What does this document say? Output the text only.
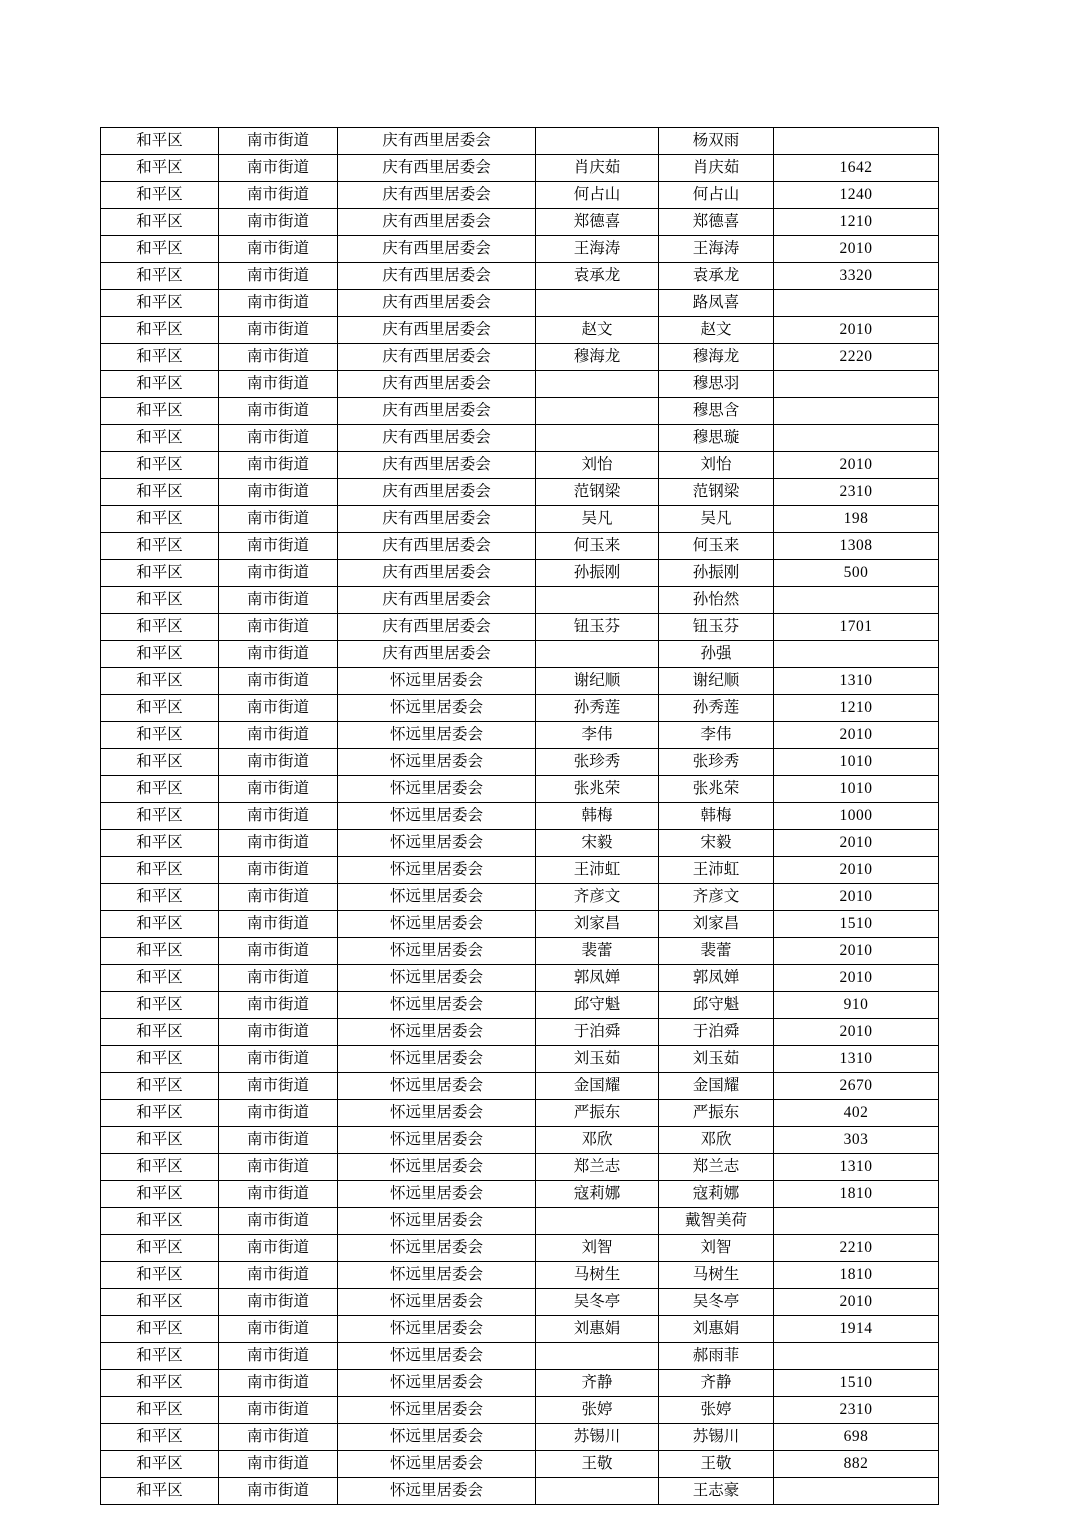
和平区	南市街道	庆有西里居委会		杨双雨	
和平区	南市街道	庆有西里居委会	肖庆茹	肖庆茹	1642
和平区	南市街道	庆有西里居委会	何占山	何占山	1240
和平区	南市街道	庆有西里居委会	郑德喜	郑德喜	1210
和平区	南市街道	庆有西里居委会	王海涛	王海涛	2010
和平区	南市街道	庆有西里居委会	袁承龙	袁承龙	3320
和平区	南市街道	庆有西里居委会		路凤喜	
和平区	南市街道	庆有西里居委会	赵文	赵文	2010
和平区	南市街道	庆有西里居委会	穆海龙	穆海龙	2220
和平区	南市街道	庆有西里居委会		穆思羽	
和平区	南市街道	庆有西里居委会		穆思含	
和平区	南市街道	庆有西里居委会		穆思璇	
和平区	南市街道	庆有西里居委会	刘怡	刘怡	2010
和平区	南市街道	庆有西里居委会	范钢梁	范钢梁	2310
和平区	南市街道	庆有西里居委会	吴凡	吴凡	198
和平区	南市街道	庆有西里居委会	何玉来	何玉来	1308
和平区	南市街道	庆有西里居委会	孙振刚	孙振刚	500
和平区	南市街道	庆有西里居委会		孙怡然	
和平区	南市街道	庆有西里居委会	钮玉芬	钮玉芬	1701
和平区	南市街道	庆有西里居委会		孙强	
和平区	南市街道	怀远里居委会	谢纪顺	谢纪顺	1310
和平区	南市街道	怀远里居委会	孙秀莲	孙秀莲	1210
和平区	南市街道	怀远里居委会	李伟	李伟	2010
和平区	南市街道	怀远里居委会	张珍秀	张珍秀	1010
和平区	南市街道	怀远里居委会	张兆荣	张兆荣	1010
和平区	南市街道	怀远里居委会	韩梅	韩梅	1000
和平区	南市街道	怀远里居委会	宋毅	宋毅	2010
和平区	南市街道	怀远里居委会	王沛虹	王沛虹	2010
和平区	南市街道	怀远里居委会	齐彦文	齐彦文	2010
和平区	南市街道	怀远里居委会	刘家昌	刘家昌	1510
和平区	南市街道	怀远里居委会	裴蕾	裴蕾	2010
和平区	南市街道	怀远里居委会	郭凤婵	郭凤婵	2010
和平区	南市街道	怀远里居委会	邱守魁	邱守魁	910
和平区	南市街道	怀远里居委会	于泊舜	于泊舜	2010
和平区	南市街道	怀远里居委会	刘玉茹	刘玉茹	1310
和平区	南市街道	怀远里居委会	金国耀	金国耀	2670
和平区	南市街道	怀远里居委会	严振东	严振东	402
和平区	南市街道	怀远里居委会	邓欣	邓欣	303
和平区	南市街道	怀远里居委会	郑兰志	郑兰志	1310
和平区	南市街道	怀远里居委会	寇莉娜	寇莉娜	1810
和平区	南市街道	怀远里居委会		戴智美荷	
和平区	南市街道	怀远里居委会	刘智	刘智	2210
和平区	南市街道	怀远里居委会	马树生	马树生	1810
和平区	南市街道	怀远里居委会	吴冬亭	吴冬亭	2010
和平区	南市街道	怀远里居委会	刘惠娟	刘惠娟	1914
和平区	南市街道	怀远里居委会		郝雨菲	
和平区	南市街道	怀远里居委会	齐静	齐静	1510
和平区	南市街道	怀远里居委会	张婷	张婷	2310
和平区	南市街道	怀远里居委会	苏锡川	苏锡川	698
和平区	南市街道	怀远里居委会	王敬	王敬	882
和平区	南市街道	怀远里居委会		王志豪	
